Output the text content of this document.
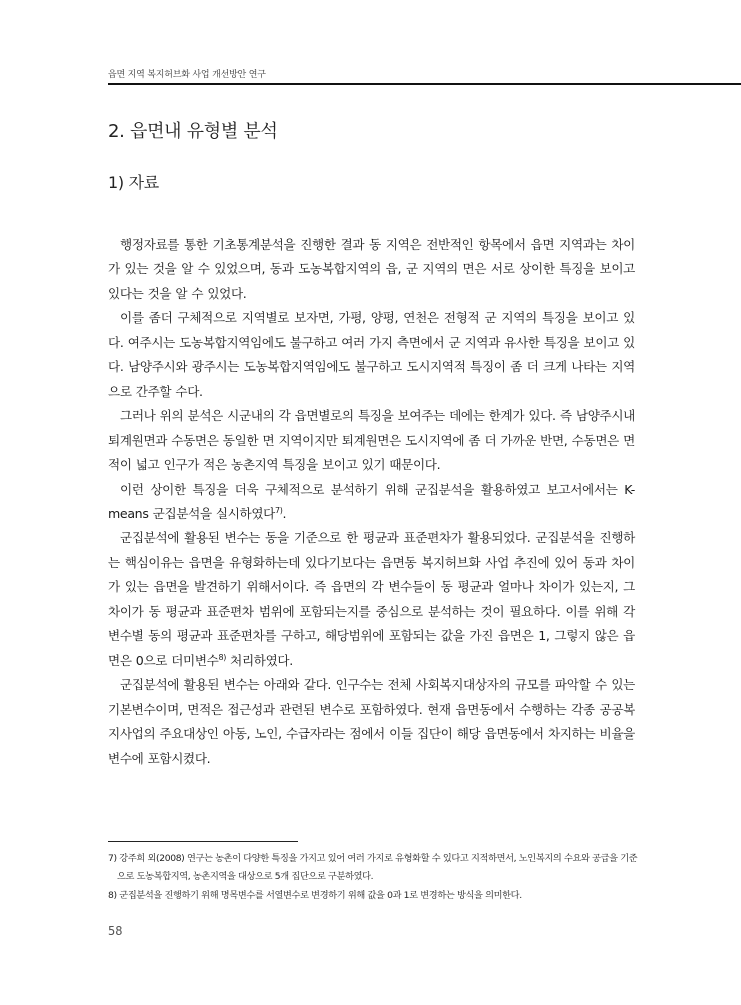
읍면 지역 복지허브화 사업 개선방안 연구
2. 읍면내 유형별 분석
1) 자료

행정자료를 통한 기초통계분석을 진행한 결과 동 지역은 전반적인 항목에서 읍면 지역과는 차이가 있는 것을 알 수 있었으며, 동과 도농복합지역의 읍, 군 지역의 면은 서로 상이한 특징을 보이고 있다는 것을 알 수 있었다.

이를 좀더 구체적으로 지역별로 보자면, 가평, 양평, 연천은 전형적 군 지역의 특징을 보이고 있다. 여주시는 도농복합지역임에도 불구하고 여러 가지 측면에서 군 지역과 유사한 특징을 보이고 있다. 남양주시와 광주시는 도농복합지역임에도 불구하고 도시지역적 특징이 좀 더 크게 나타는 지역으로 간주할 수다.

그러나 위의 분석은 시군내의 각 읍면별로의 특징을 보여주는 데에는 한계가 있다. 즉 남양주시내 퇴계원면과 수동면은 동일한 면 지역이지만 퇴계원면은 도시지역에 좀 더 가까운 반면, 수동면은 면적이 넓고 인구가 적은 농촌지역 특징을 보이고 있기 때문이다.

이런 상이한 특징을 더욱 구체적으로 분석하기 위해 군집분석을 활용하였고 보고서에서는 K-means 군집분석을 실시하였다$^{7)}$.

군집분석에 활용된 변수는 동을 기준으로 한 평균과 표준편차가 활용되었다. 군집분석을 진행하는 핵심이유는 읍면을 유형화하는데 있다기보다는 읍면동 복지허브화 사업 추진에 있어 동과 차이가 있는 읍면을 발견하기 위해서이다. 즉 읍면의 각 변수들이 동 평균과 얼마나 차이가 있는지, 그 차이가 동 평균과 표준편차 범위에 포함되는지를 중심으로 분석하는 것이 필요하다. 이를 위해 각 변수별 동의 평균과 표준편차를 구하고, 해당범위에 포함되는 값을 가진 읍면은 1, 그렇지 않은 읍면은 0으로 더미변수$^{8)}$ 처리하였다.

군집분석에 활용된 변수는 아래와 같다. 인구수는 전체 사회복지대상자의 규모를 파악할 수 있는 기본변수이며, 면적은 접근성과 관련된 변수로 포함하였다. 현재 읍면동에서 수행하는 각종 공공복지사업의 주요대상인 아동, 노인, 수급자라는 점에서 이들 집단이 해당 읍면동에서 차지하는 비율을 변수에 포함시켰다.

7) 강주희 외(2008) 연구는 농촌이 다양한 특징을 가지고 있어 여러 가지로 유형화할 수 있다고 지적하면서, 노인복지의 수요와 공급을 기준으로 도농복합지역, 농촌지역을 대상으로 5개 집단으로 구분하였다.

8) 군집분석을 진행하기 위해 명목변수를 서열변수로 변경하기 위해 값을 0과 1로 변경하는 방식을 의미한다.

58
